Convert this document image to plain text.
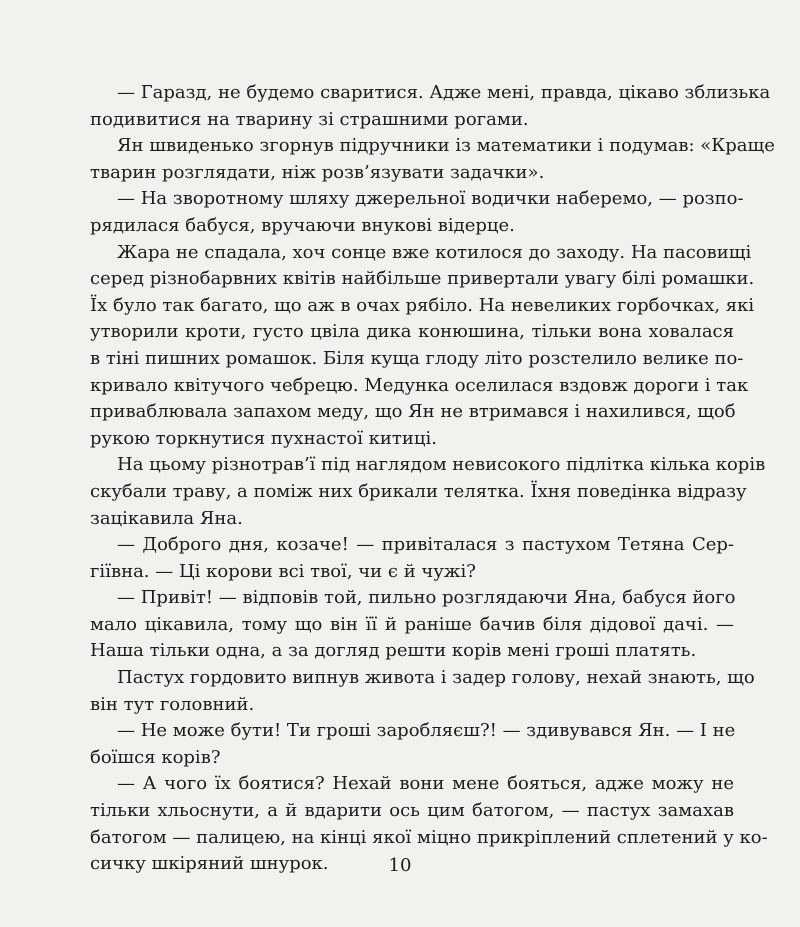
— Гаразд, не будемо сваритися. Адже мені, правда, цікаво зблизька
подивитися на тварину зі страшними рогами.

Ян швиденько згорнув підручники із математики і подумав: «Краще
тварин розглядати, ніж розв’язувати задачки».

— На зворотному шляху джерельної водички наберемо, — розпо-
рядилася бабуся, вручаючи внукові відерце.

Жара не спадала, хоч сонце вже котилося до заходу. На пасовищі
серед різнобарвних квітів найбільше привертали увагу білі ромашки.
Їх було так багато, що аж в очах рябіло. На невеликих горбочках, які
утворили кроти, густо цвіла дика конюшина, тільки вона ховалася
в тіні пишних ромашок. Біля куща глоду літо розстелило велике по-
кривало квітучого чебрецю. Медунка оселилася вздовж дороги і так
приваблювала запахом меду, що Ян не втримався і нахилився, щоб
рукою торкнутися пухнастої китиці.

На цьому різнотрав’ї під наглядом невисокого підлітка кілька корів
скубали траву, а поміж них брикали телятка. Їхня поведінка відразу
зацікавила Яна.

— Доброго дня, козаче! — привіталася з пастухом Тетяна Сер-
гіївна. — Ці корови всі твої, чи є й чужі?

— Привіт! — відповів той, пильно розглядаючи Яна, бабуся його
мало цікавила, тому що він її й раніше бачив біля дідової дачі. —
Наша тільки одна, а за догляд решти корів мені гроші платять.

Пастух гордовито випнув живота і задер голову, нехай знають, що
він тут головний.

— Не може бути! Ти гроші заробляєш?! — здивувався Ян. — І не
боїшся корів?

— А чого їх боятися? Нехай вони мене бояться, адже можу не
тільки хльоснути, а й вдарити ось цим батогом, — пастух замахав
батогом — палицею, на кінці якої міцно прикріплений сплетений у ко-
сичку шкіряний шнурок.	10
